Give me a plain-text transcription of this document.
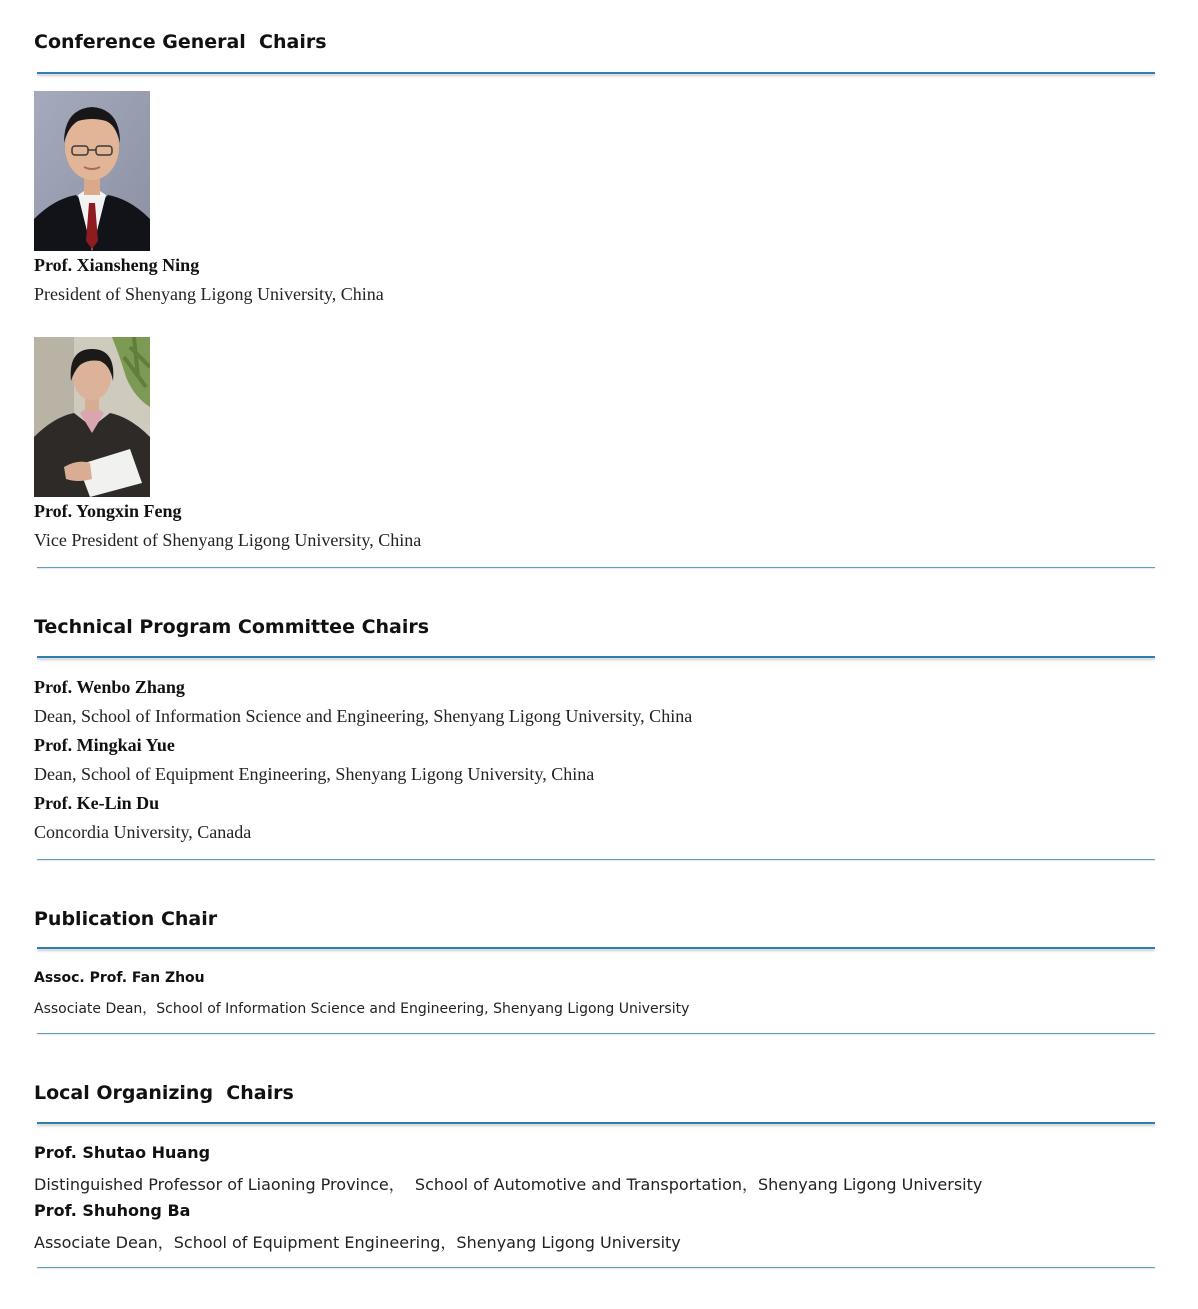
Conference General  Chairs
Prof. Xiansheng Ning
President of Shenyang Ligong University, China
Prof. Yongxin Feng
Vice President of Shenyang Ligong University, China
Technical Program Committee Chairs
Prof. Wenbo Zhang
Dean, School of Information Science and Engineering, Shenyang Ligong University, China
Prof. Mingkai Yue
Dean, School of Equipment Engineering, Shenyang Ligong University, China
Prof. Ke-Lin Du
Concordia University, Canada
Publication Chair
Assoc. Prof. Fan Zhou
Associate Dean，School of Information Science and Engineering, Shenyang Ligong University
Local Organizing  Chairs
Prof. Shutao Huang
Distinguished Professor of Liaoning Province，  School of Automotive and Transportation，Shenyang Ligong University
Prof. Shuhong Ba
Associate Dean，School of Equipment Engineering，Shenyang Ligong University
